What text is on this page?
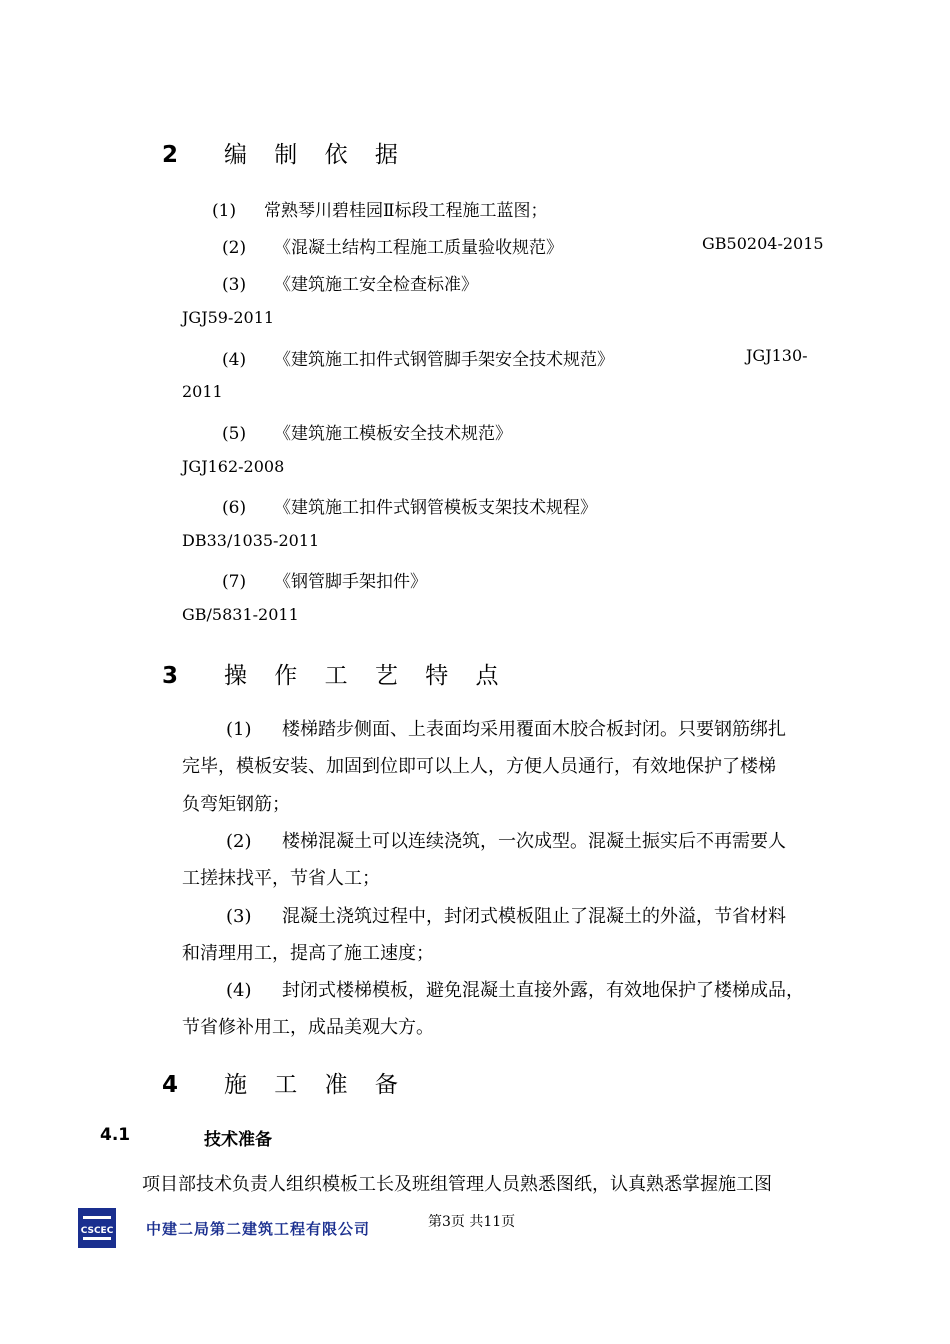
2 编 制 依 据
(1) 常熟琴川碧桂园Ⅱ标段工程施工蓝图；
(2) 《混凝土结构工程施工质量验收规范》	GB50204-2015
(3) 《建筑施工安全检查标准》
JGJ59-2011
(4) 《建筑施工扣件式钢管脚手架安全技术规范》	JGJ130-
2011
(5) 《建筑施工模板安全技术规范》
JGJ162-2008
(6) 《建筑施工扣件式钢管模板支架技术规程》
DB33/1035-2011
(7) 《钢管脚手架扣件》
GB/5831-2011
3 操 作 工 艺 特 点
(1) 楼梯踏步侧面、上表面均采用覆面木胶合板封闭。只要钢筋绑扎
完毕，模板安装、加固到位即可以上人，方便人员通行，有效地保护了楼梯
负弯矩钢筋；
(2) 楼梯混凝土可以连续浇筑，一次成型。混凝土振实后不再需要人
工搓抹找平，节省人工；
(3) 混凝土浇筑过程中，封闭式模板阻止了混凝土的外溢，节省材料
和清理用工，提高了施工速度；
(4) 封闭式楼梯模板，避免混凝土直接外露，有效地保护了楼梯成品，
节省修补用工，成品美观大方。
4 施 工 准 备
4.1	技术准备
项目部技术负责人组织模板工长及班组管理人员熟悉图纸，认真熟悉掌握施工图
CSCEC 中建二局第二建筑工程有限公司	第3页 共11页
